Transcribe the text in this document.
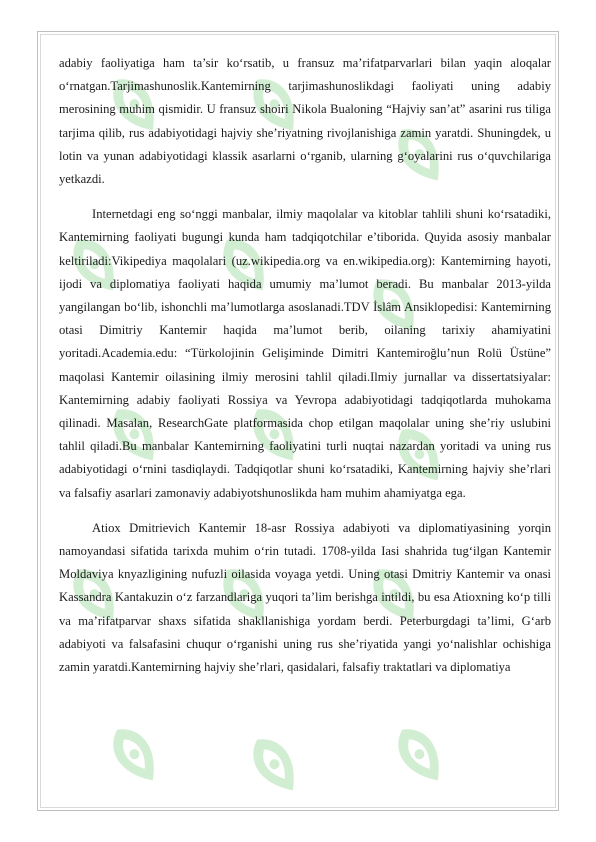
adabiy faoliyatiga ham ta’sir ko‘rsatib, u fransuz ma’rifatparvarlari bilan yaqin aloqalar o‘rnatgan.Tarjimashunoslik.Kantemirning tarjimashunoslikdagi faoliyati uning adabiy merosining muhim qismidir. U fransuz shoiri Nikola Bualoning “Hajviy san’at” asarini rus tiliga tarjima qilib, rus adabiyotidagi hajviy she’riyatning rivojlanishiga zamin yaratdi. Shuningdek, u lotin va yunan adabiyotidagi klassik asarlarni o‘rganib, ularning g‘oyalarini rus o‘quvchilariga yetkazdi.

Internetdagi eng so‘nggi manbalar, ilmiy maqolalar va kitoblar tahlili shuni ko‘rsatadiki, Kantemirning faoliyati bugungi kunda ham tadqiqotchilar e’tiborida. Quyida asosiy manbalar keltiriladi:Vikipediya maqolalari (uz.wikipedia.org va en.wikipedia.org): Kantemirning hayoti, ijodi va diplomatiya faoliyati haqida umumiy ma’lumot beradi. Bu manbalar 2013-yilda yangilangan bo‘lib, ishonchli ma’lumotlarga asoslanadi.TDV İslâm Ansiklopedisi: Kantemirning otasi Dimitriy Kantemir haqida ma’lumot berib, oilaning tarixiy ahamiyatini yoritadi.Academia.edu: “Türkolojinin Gelişiminde Dimitri Kantemiroğlu’nun Rolü Üstüne” maqolasi Kantemir oilasining ilmiy merosini tahlil qiladi.Ilmiy jurnallar va dissertatsiyalar: Kantemirning adabiy faoliyati Rossiya va Yevropa adabiyotidagi tadqiqotlarda muhokama qilinadi. Masalan, ResearchGate platformasida chop etilgan maqolalar uning she’riy uslubini tahlil qiladi.Bu manbalar Kantemirning faoliyatini turli nuqtai nazardan yoritadi va uning rus adabiyotidagi o‘rnini tasdiqlaydi. Tadqiqotlar shuni ko‘rsatadiki, Kantemirning hajviy she’rlari va falsafiy asarlari zamonaviy adabiyotshunoslikda ham muhim ahamiyatga ega.

Atiox Dmitrievich Kantemir 18-asr Rossiya adabiyoti va diplomatiyasining yorqin namoyandasi sifatida tarixda muhim o‘rin tutadi. 1708-yilda Iasi shahrida tug‘ilgan Kantemir Moldaviya knyazligining nufuzli oilasida voyaga yetdi. Uning otasi Dmitriy Kantemir va onasi Kassandra Kantakuzin o‘z farzandlariga yuqori ta’lim berishga intildi, bu esa Atioxning ko‘p tilli va ma’rifatparvar shaxs sifatida shakllanishiga yordam berdi. Peterburgdagi ta’limi, G‘arb adabiyoti va falsafasini chuqur o‘rganishi uning rus she’riyatida yangi yo‘nalishlar ochishiga zamin yaratdi.Kantemirning hajviy she’rlari, qasidalari, falsafiy traktatlari va diplomatiya
